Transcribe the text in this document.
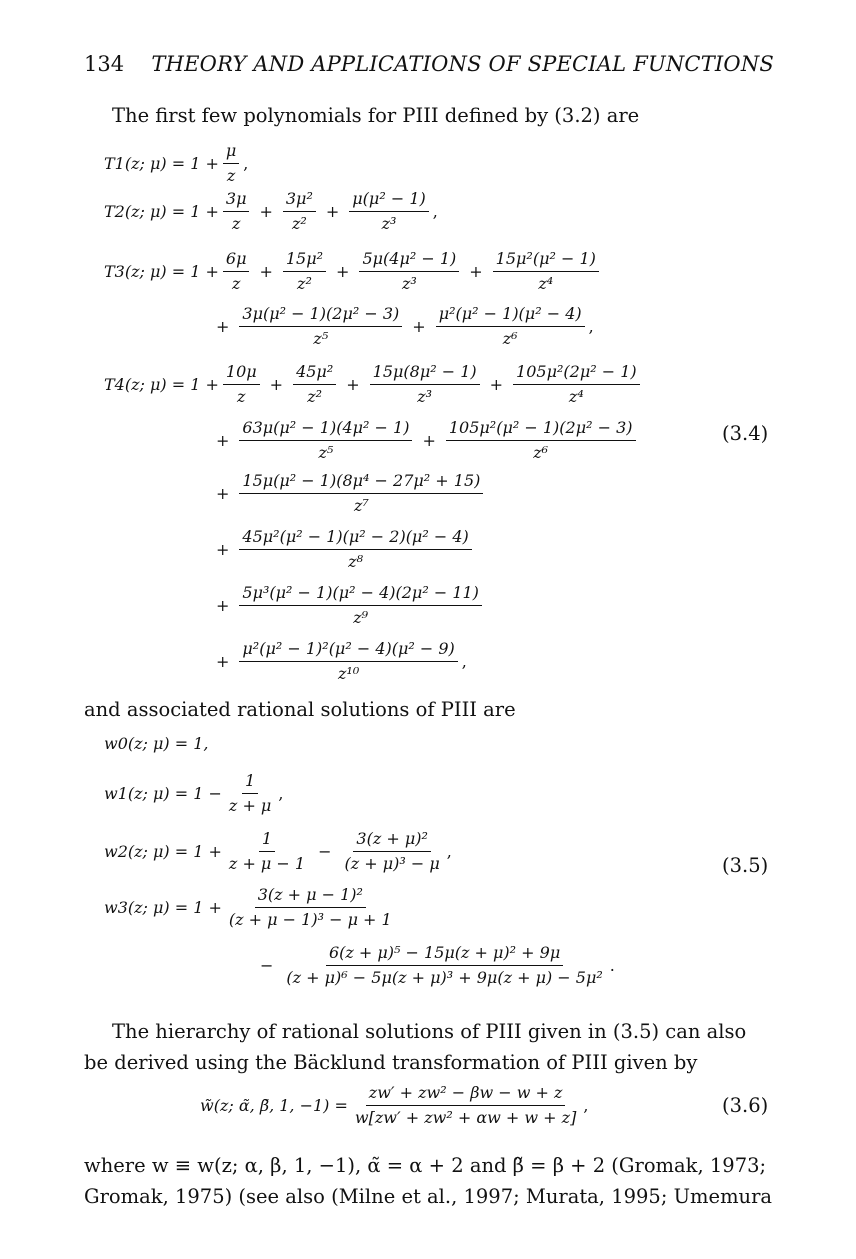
134 THEORY AND APPLICATIONS OF SPECIAL FUNCTIONS
The first few polynomials for PIII defined by (3.2) are
T1(z; $\mu) = 1 + \frac{\mu}{z}$ ,
T2(z; $\mu) = 1 + \frac{3\mu}{z} + \frac{\text{3μ²}}{\text{z²}} + \frac{\text{μ(μ² − 1)}}{\text{z³}}$ ,
T3(z; $\mu) = 1 + \frac{6\mu}{z} + \frac{\text{15μ²}}{\text{z²}} + \frac{\text{5μ(4μ² − 1)}}{\text{z³}} + \frac{\text{15μ²(μ² − 1)}}{\text{z⁴}}$
+ $\frac{\text{3μ(μ² − 1)(2μ² − 3)}}{\text{z⁵}} + \frac{\text{μ²(μ² − 1)(μ² − 4)}}{\text{z⁶}}$ ,
T4(z; $\mu) = 1 + \frac{10\mu}{z} + \frac{\text{45μ²}}{\text{z²}} + \frac{\text{15μ(8μ² − 1)}}{\text{z³}} + \frac{\text{105μ²(2μ² − 1)}}{\text{z⁴}}$
+ $\frac{\text{63μ(μ² − 1)(4μ² − 1)}}{\text{z⁵}} + \frac{\text{105μ²(μ² − 1)(2μ² − 3)}}{\text{z⁶}}$
+ $\frac{\text{15μ(μ² − 1)(8μ⁴ − 27μ² + 15)}}{\text{z⁷}}$
+ $\frac{\text{45μ²(μ² − 1)(μ² − 2)(μ² − 4)}}{\text{z⁸}}$
+ $\frac{\text{5μ³(μ² − 1)(μ² − 4)(2μ² − 11)}}{\text{z⁹}}$
+ $\frac{\text{μ²(μ² − 1)²(μ² − 4)(μ² − 9)}}{\text{z¹⁰}}$ ,
(3.4)
and associated rational solutions of PIII are
w0(z; μ) = 1,
w1(z; $\mu) = 1 - \frac{1}{z + \mu}$ ,
w2(z; $\mu) = 1 + \frac{1}{z + \mu - 1} - \frac{\text{3(z + μ)²}}{\text{(z + μ)³ − μ}}$ ,
w3(z; $\mu) = 1 + \frac{\text{3(z + μ − 1)²}}{\text{(z + μ − 1)³ − μ + 1}}$
− $\frac{\text{6(z + μ)⁵ − 15μ(z + μ)² + 9μ}}{\text{(z + μ)⁶ − 5μ(z + μ)³ + 9μ(z + μ) − 5μ²}}$ .
(3.5)
The hierarchy of rational solutions of PIII given in (3.5) can also be derived using the Bäcklund transformation of PIII given by
w̃(z; α̃, β̃, 1, $-1) = \frac{\text{zw′ + zw² − βw − w + z}}{\text{w[zw′ + zw² + αw + w + z]}}$ ,	(3.6)
where w ≡ w(z; α, β, 1, −1), α̃ = α + 2 and β̃ = β + 2 (Gromak, 1973;
Gromak, 1975) (see also (Milne et al., 1997; Murata, 1995; Umemura
